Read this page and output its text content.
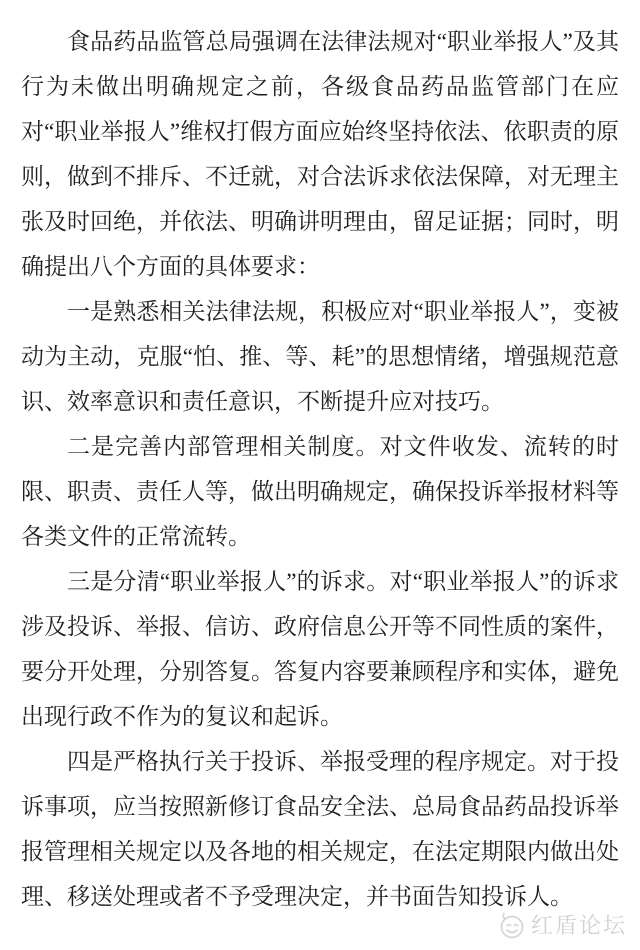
食品药品监管总局强调在法律法规对“职业举报人”及其行为未做出明确规定之前，各级食品药品监管部门在应对“职业举报人”维权打假方面应始终坚持依法、依职责的原则，做到不排斥、不迁就，对合法诉求依法保障，对无理主张及时回绝，并依法、明确讲明理由，留足证据；同时，明确提出八个方面的具体要求：

一是熟悉相关法律法规，积极应对“职业举报人”，变被动为主动，克服“怕、推、等、耗”的思想情绪，增强规范意识、效率意识和责任意识，不断提升应对技巧。

二是完善内部管理相关制度。对文件收发、流转的时限、职责、责任人等，做出明确规定，确保投诉举报材料等各类文件的正常流转。

三是分清“职业举报人”的诉求。对“职业举报人”的诉求涉及投诉、举报、信访、政府信息公开等不同性质的案件，要分开处理，分别答复。答复内容要兼顾程序和实体，避免出现行政不作为的复议和起诉。

四是严格执行关于投诉、举报受理的程序规定。对于投诉事项，应当按照新修订食品安全法、总局食品药品投诉举报管理相关规定以及各地的相关规定，在法定期限内做出处理、移送处理或者不予受理决定，并书面告知投诉人。

红盾论坛
